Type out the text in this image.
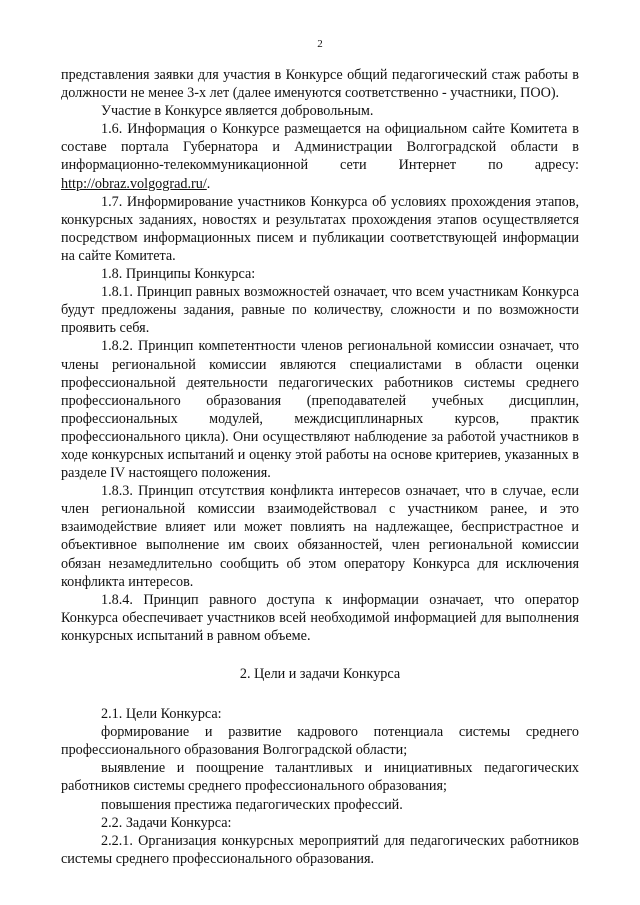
2

представления заявки для участия в Конкурсе общий педагогический стаж работы в должности не менее 3-х лет (далее именуются соответственно - участники, ПОО).

Участие в Конкурсе является добровольным.

1.6. Информация о Конкурсе размещается на официальном сайте Комитета в составе портала Губернатора и Администрации Волгоградской области в информационно-телекоммуникационной сети Интернет по адресу: http://obraz.volgograd.ru/.

1.7. Информирование участников Конкурса об условиях прохождения этапов, конкурсных заданиях, новостях и результатах прохождения этапов осуществляется посредством информационных писем и публикации соответствующей информации на сайте Комитета.

1.8. Принципы Конкурса:

1.8.1. Принцип равных возможностей означает, что всем участникам Конкурса будут предложены задания, равные по количеству, сложности и по возможности проявить себя.

1.8.2. Принцип компетентности членов региональной комиссии означает, что члены региональной комиссии являются специалистами в области оценки профессиональной деятельности педагогических работников системы среднего профессионального образования (преподавателей учебных дисциплин, профессиональных модулей, междисциплинарных курсов, практик профессионального цикла). Они осуществляют наблюдение за работой участников в ходе конкурсных испытаний и оценку этой работы на основе критериев, указанных в разделе IV настоящего положения.

1.8.3. Принцип отсутствия конфликта интересов означает, что в случае, если член региональной комиссии взаимодействовал с участником ранее, и это взаимодействие влияет или может повлиять на надлежащее, беспристрастное и объективное выполнение им своих обязанностей, член региональной комиссии обязан незамедлительно сообщить об этом оператору Конкурса для исключения конфликта интересов.

1.8.4. Принцип равного доступа к информации означает, что оператор Конкурса обеспечивает участников всей необходимой информацией для выполнения конкурсных испытаний в равном объеме.

2. Цели и задачи Конкурса

2.1. Цели Конкурса:

формирование и развитие кадрового потенциала системы среднего профессионального образования Волгоградской области;

выявление и поощрение талантливых и инициативных педагогических работников системы среднего профессионального образования;

повышения престижа педагогических профессий.

2.2. Задачи Конкурса:

2.2.1. Организация конкурсных мероприятий для педагогических работников системы среднего профессионального образования.
